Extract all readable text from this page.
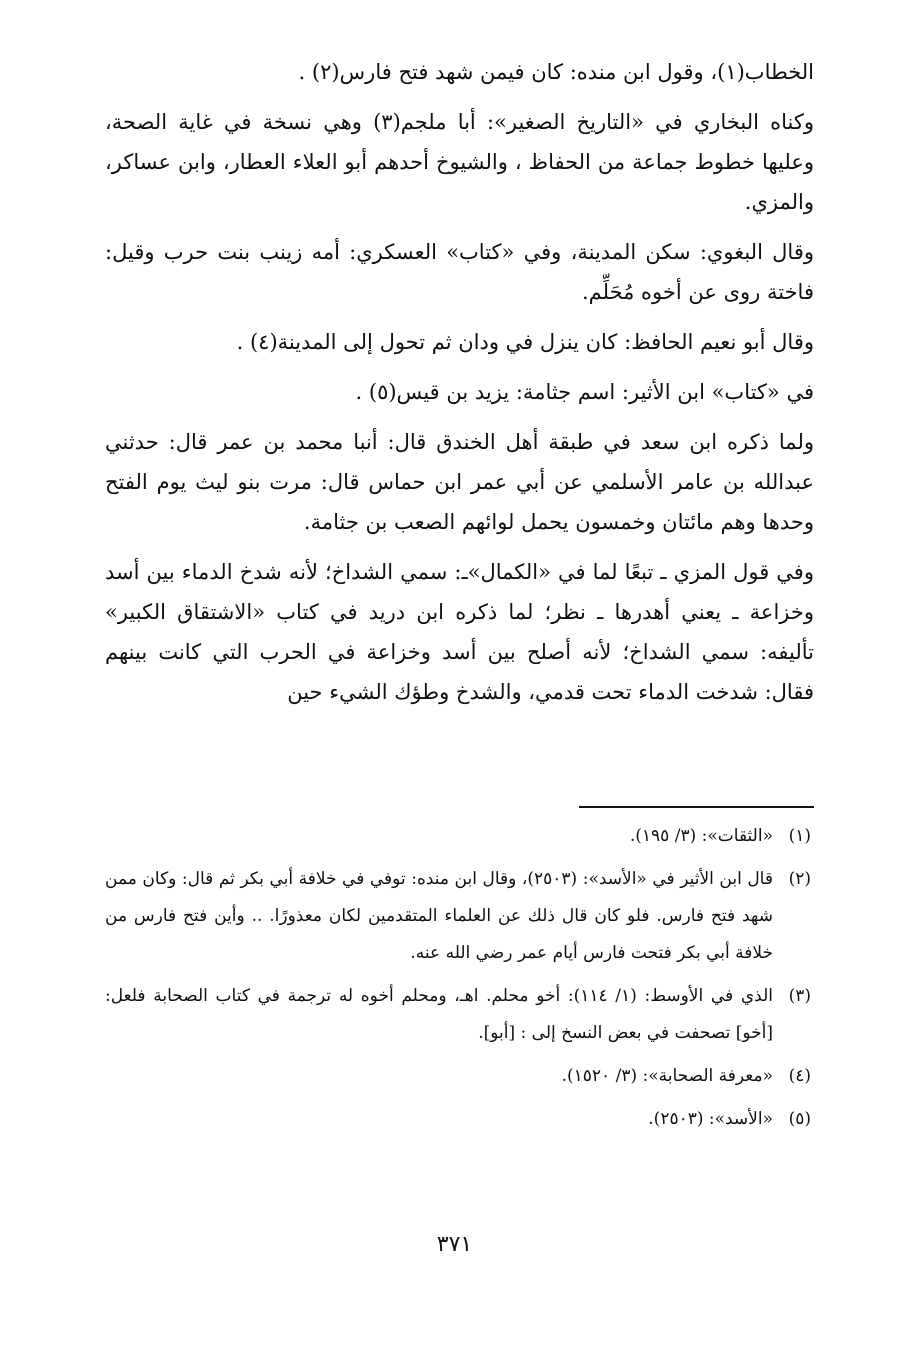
الخطاب(١)، وقول ابن منده: كان فيمن شهد فتح فارس(٢) .

وكناه البخاري في «التاريخ الصغير»: أبا ملجم(٣) وهي نسخة في غاية الصحة، وعليها خطوط جماعة من الحفاظ ، والشيوخ أحدهم أبو العلاء العطار، وابن عساكر، والمزي.

وقال البغوي: سكن المدينة، وفي «كتاب» العسكري: أمه زينب بنت حرب وقيل: فاختة روى عن أخوه مُحَلِّم.

وقال أبو نعيم الحافظ: كان ينزل في ودان ثم تحول إلى المدينة(٤) .

في «كتاب» ابن الأثير: اسم جثامة: يزيد بن قيس(٥) .

ولما ذكره ابن سعد في طبقة أهل الخندق قال: أنبا محمد بن عمر قال: حدثني عبدالله بن عامر الأسلمي عن أبي عمر ابن حماس قال: مرت بنو ليث يوم الفتح وحدها وهم مائتان وخمسون يحمل لوائهم الصعب بن جثامة.

وفي قول المزي ـ تبعًا لما في «الكمال»ـ: سمي الشداخ؛ لأنه شدخ الدماء بين أسد وخزاعة ـ يعني أهدرها ـ نظر؛ لما ذكره ابن دريد في كتاب «الاشتقاق الكبير» تأليفه: سمي الشداخ؛ لأنه أصلح بين أسد وخزاعة في الحرب التي كانت بينهم فقال: شدخت الدماء تحت قدمي، والشدخ وطؤك الشيء حين

(١)
«الثقات»: (٣/ ١٩٥).
(٢)
قال ابن الأثير في «الأسد»: (٢٥٠٣)، وقال ابن منده: توفي في خلافة أبي بكر ثم قال: وكان ممن شهد فتح فارس. فلو كان قال ذلك عن العلماء المتقدمين لكان معذورًا. .. وأين فتح فارس من خلافة أبي بكر فتحت فارس أيام عمر رضي الله عنه.
(٣)
الذي في الأوسط: (١/ ١١٤): أخو محلم. اهـ، ومحلم أخوه له ترجمة في كتاب الصحابة فلعل: [أخو] تصحفت في بعض النسخ إلى : [أبو].
(٤)
«معرفة الصحابة»: (٣/ ١٥٢٠).
(٥)
«الأسد»: (٢٥٠٣).
٣٧١
